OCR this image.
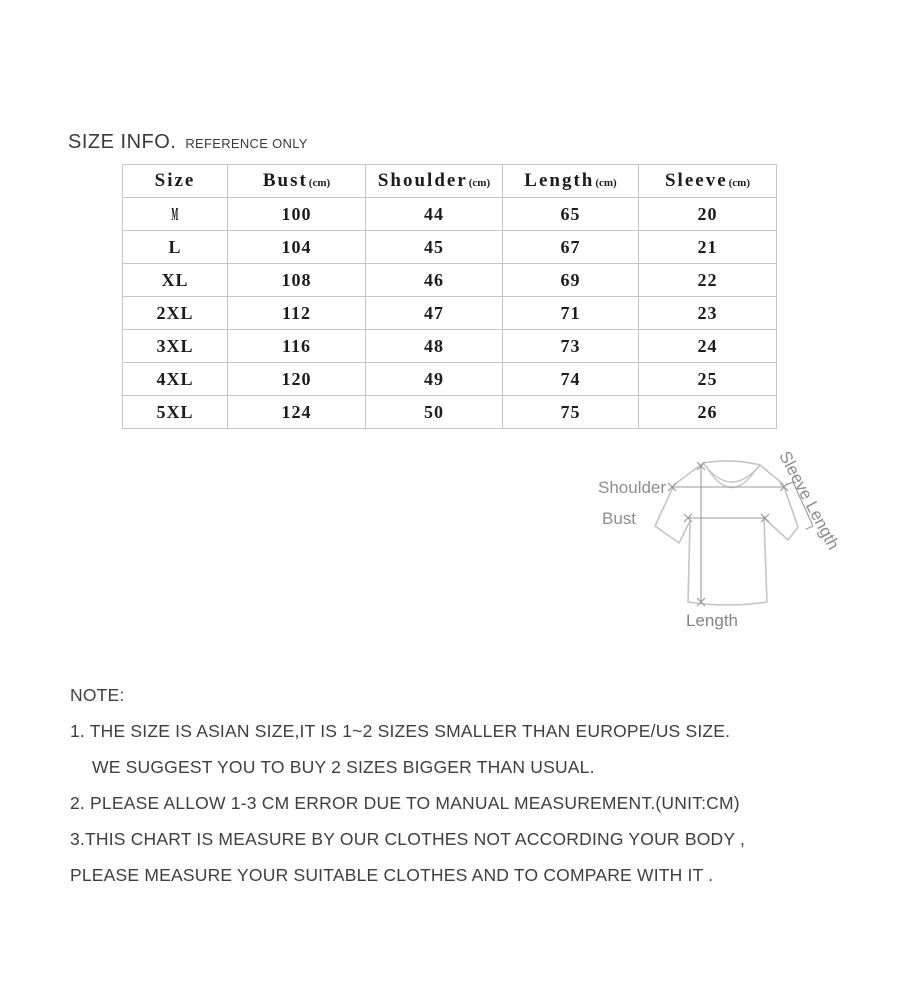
SIZE INFO. REFERENCE ONLY
Size	Bust(cm)	Shoulder(cm)	Length(cm)	Sleeve(cm)
M	100	44	65	20
L	104	45	67	21
XL	108	46	69	22
2XL	112	47	71	23
3XL	116	48	73	24
4XL	120	49	74	25
5XL	124	50	75	26
Shoulder
Bust	Sleeve Length
Length
NOTE:
1. THE SIZE IS ASIAN SIZE,IT IS 1~2 SIZES SMALLER THAN EUROPE/US SIZE.
WE SUGGEST YOU TO BUY 2 SIZES BIGGER THAN USUAL.
2. PLEASE ALLOW 1-3 CM ERROR DUE TO MANUAL MEASUREMENT.(UNIT:CM)
3.THIS CHART IS MEASURE BY OUR CLOTHES NOT ACCORDING YOUR BODY ,
PLEASE MEASURE YOUR SUITABLE CLOTHES AND TO COMPARE WITH IT .
